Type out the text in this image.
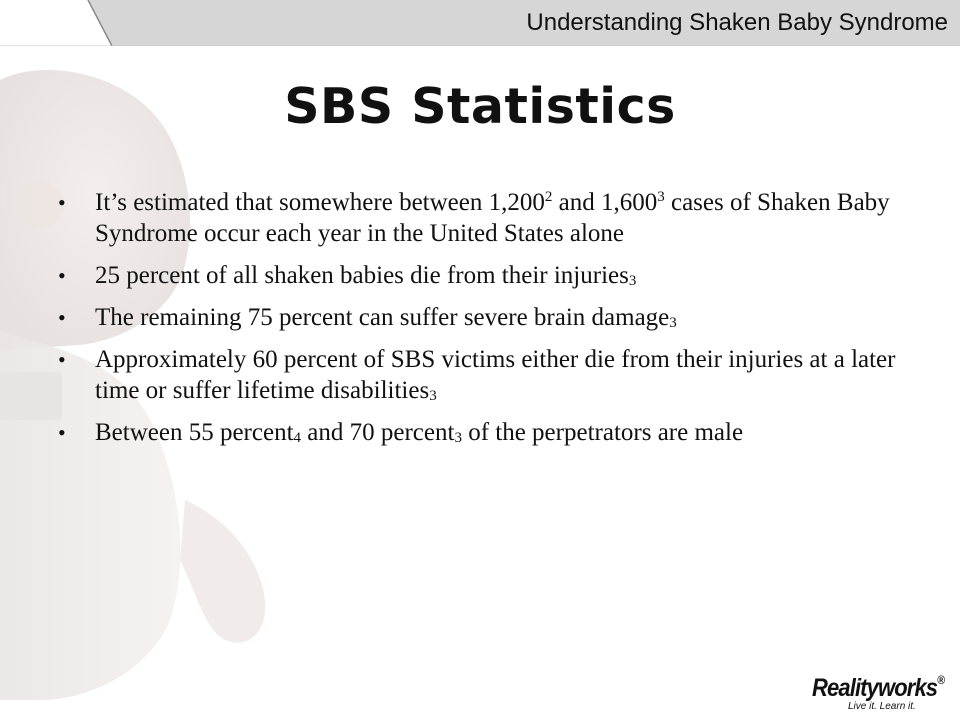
Understanding Shaken Baby Syndrome
SBS Statistics
•	It’s estimated that somewhere between 1,200$^2$ and 1,600$^3$ cases of Shaken Baby Syndrome occur each year in the United States alone
•	25 percent of all shaken babies die from their injuries$_3$
•	The remaining 75 percent can suffer severe brain damage$_3$
•	Approximately 60 percent of SBS victims either die from their injuries at a later time or suffer lifetime disabilities$_3$
•	Between 55 percent$_4$ and 70 percent$_3$ of the perpetrators are male
Realityworks®
Live it. Learn it.
